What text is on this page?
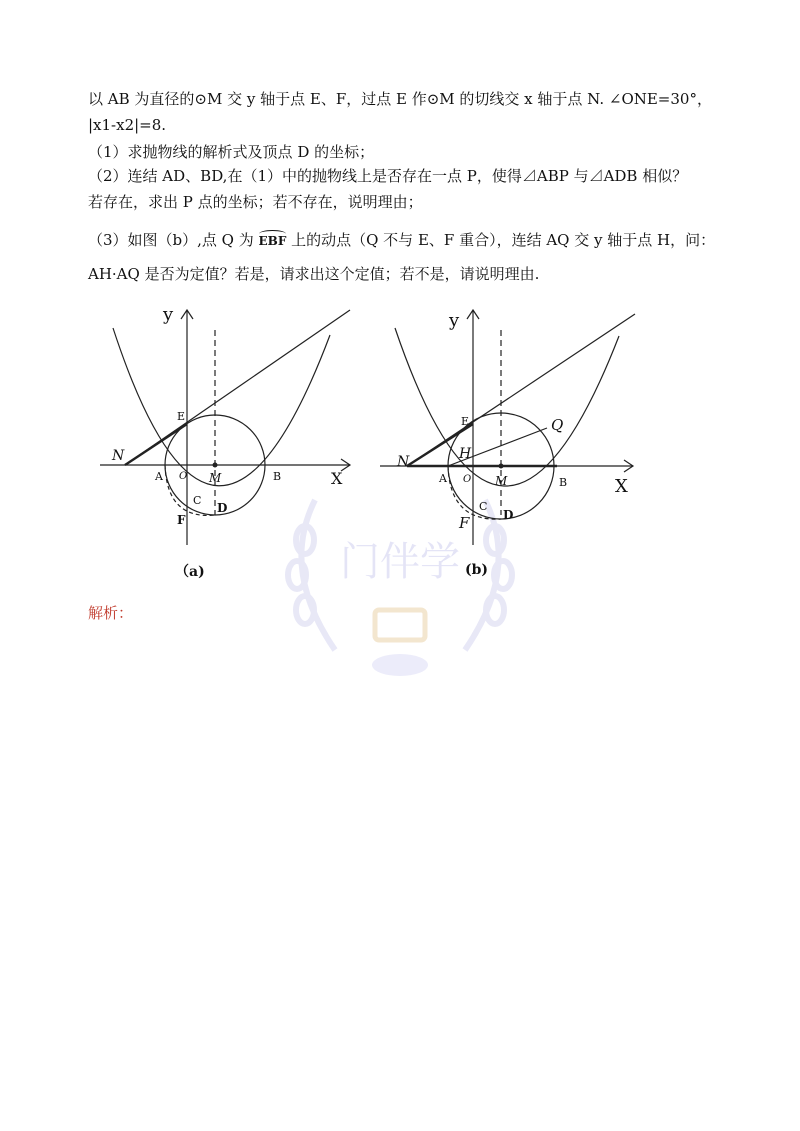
以 AB 为直径的⊙M 交 y 轴于点 E、F，过点 E 作⊙M 的切线交 x 轴于点 N. ∠ONE=30°，
|x1-x2|=8.
（1）求抛物线的解析式及顶点 D 的坐标；
（2）连结 AD、BD,在（1）中的抛物线上是否存在一点 P，使得⊿ABP 与⊿ADB 相似？
若存在，求出 P 点的坐标；若不存在，说明理由；
（3）如图（b）,点 Q 为 EBF 上的动点（Q 不与 E、F 重合），连结 AQ 交 y 轴于点 H，问：
AH·AQ 是否为定值？若是，请求出这个定值；若不是，请说明理由.
门伴学
y
X
N
E
A O M	B
C
D
F
（a)
y
X
N
E
H
Q
A O M	B
C
D
F
(b)
解析：
